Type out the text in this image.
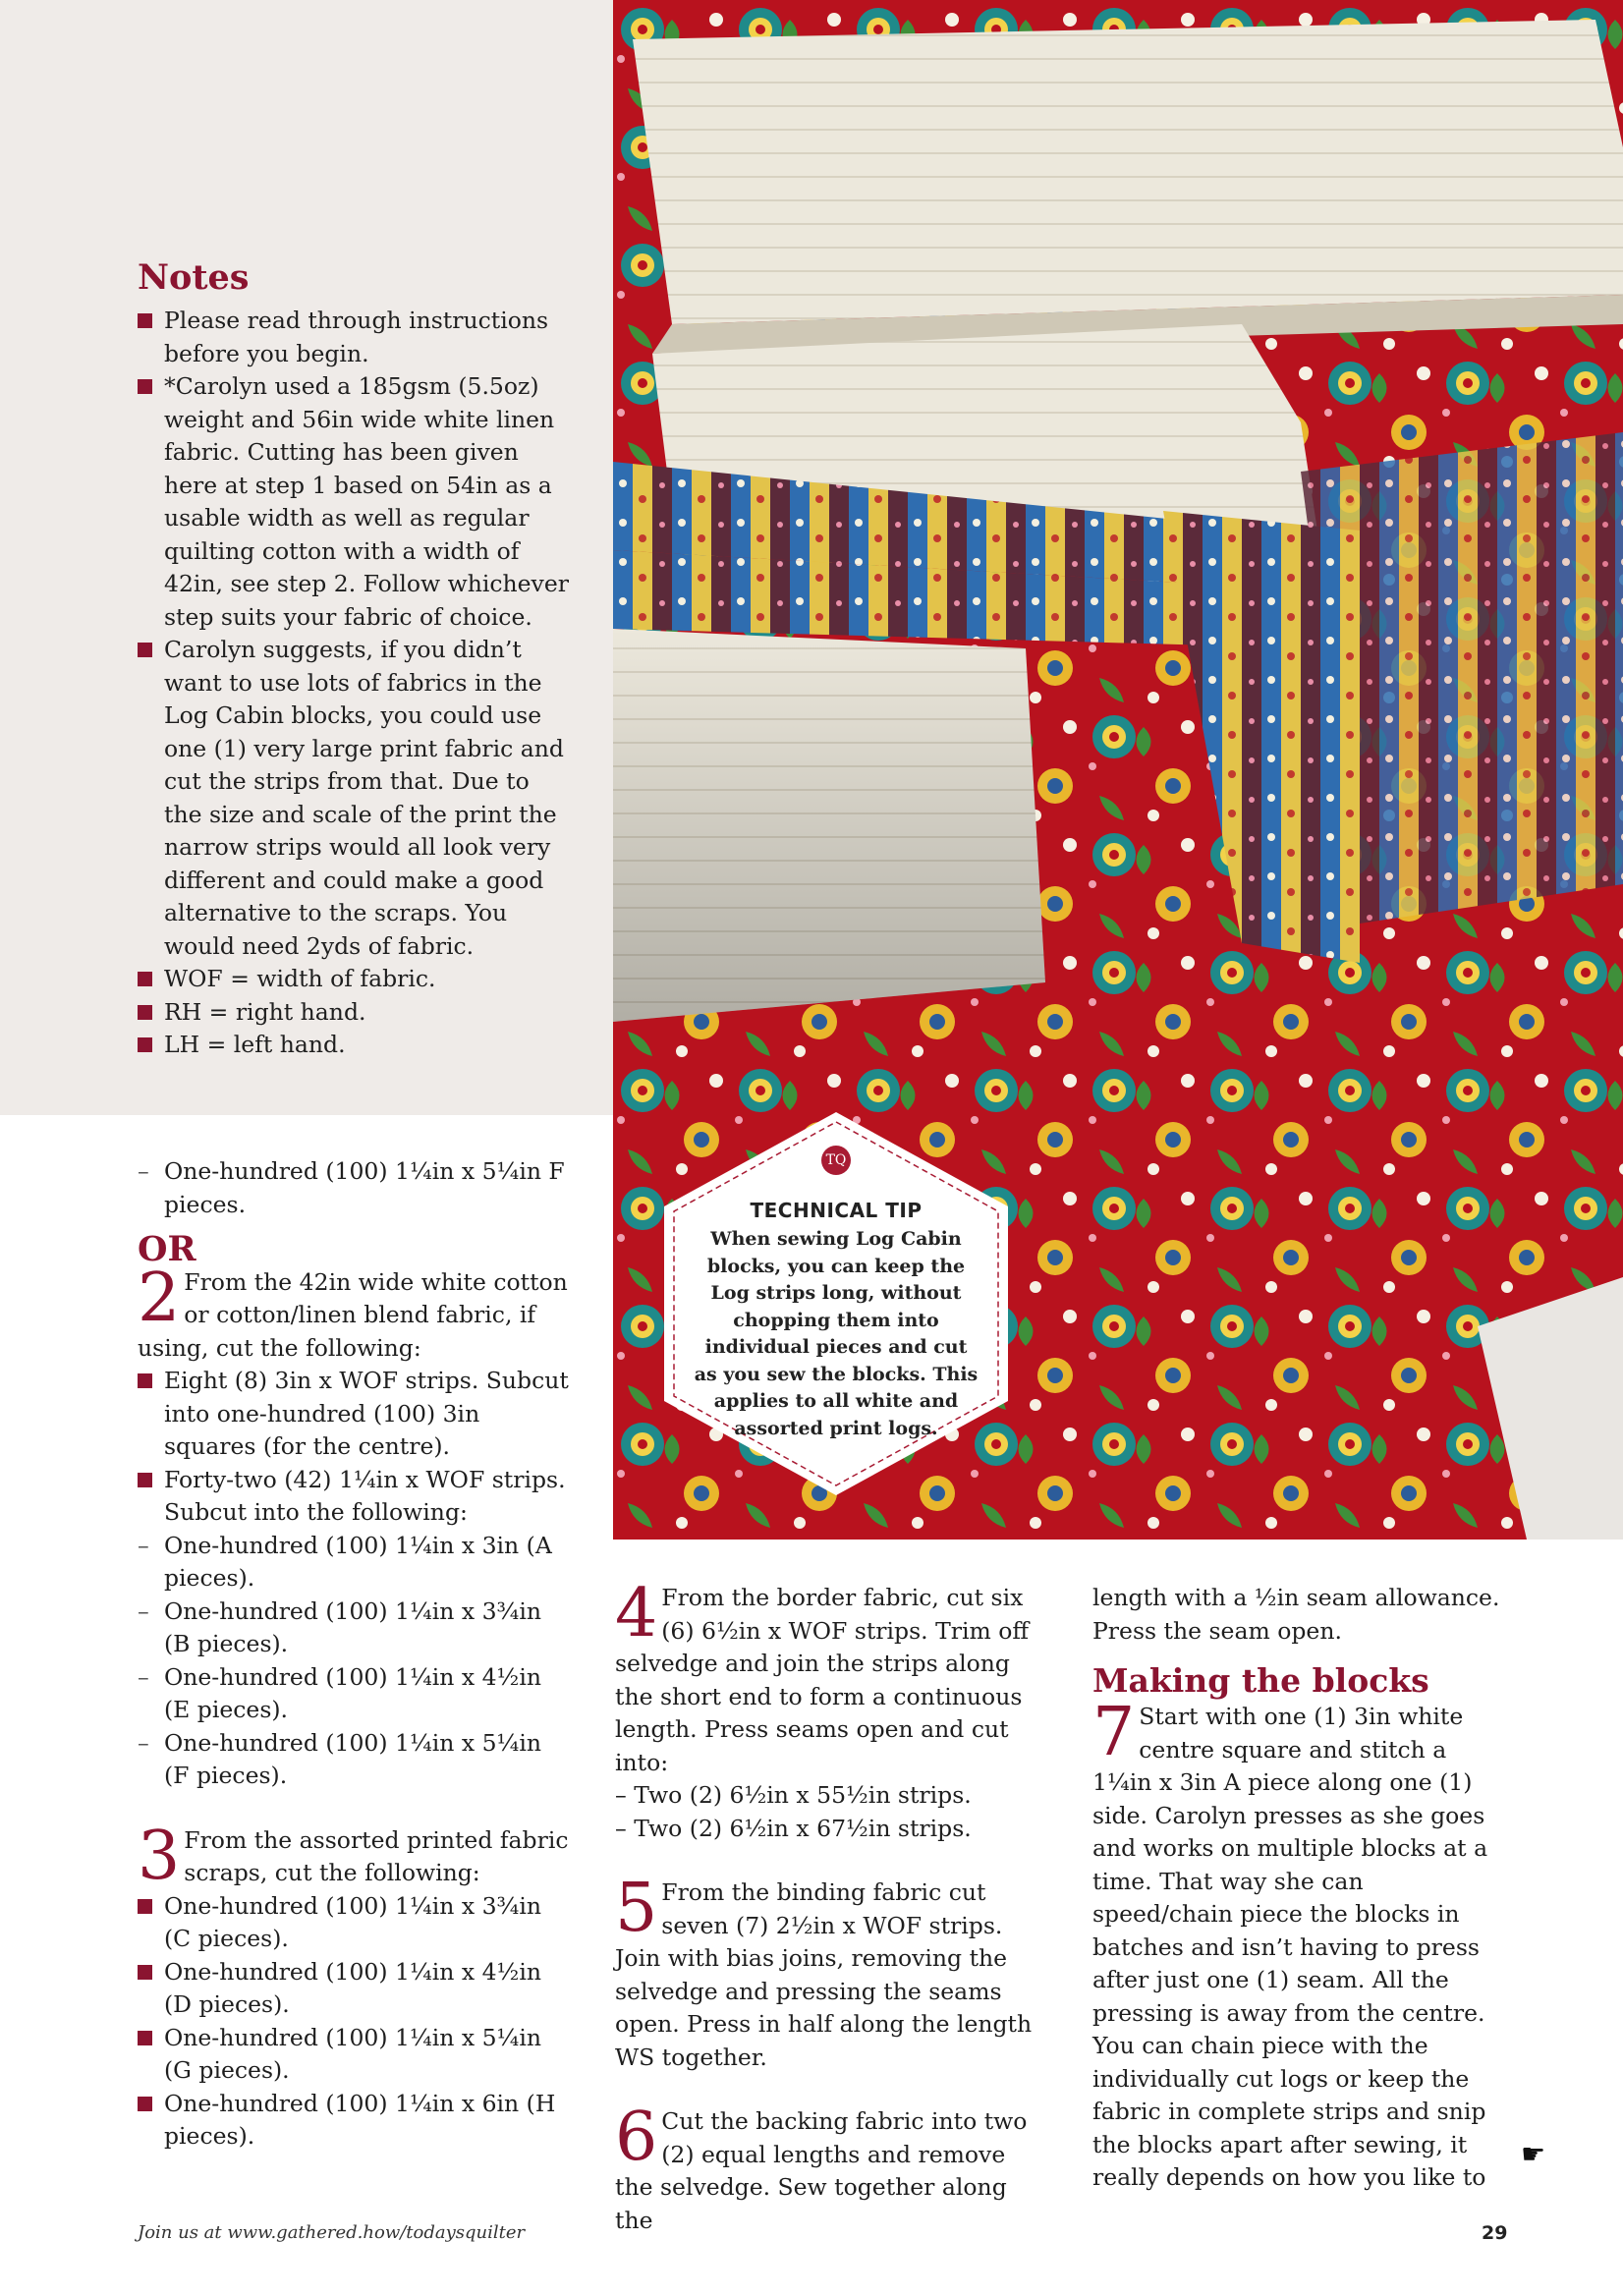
Notes
Please read through instructions before you begin.
*Carolyn used a 185gsm (5.5oz) weight and 56in wide white linen fabric. Cutting has been given here at step 1 based on 54in as a usable width as well as regular quilting cotton with a width of 42in, see step 2. Follow whichever step suits your fabric of choice.
Carolyn suggests, if you didn’t want to use lots of fabrics in the Log Cabin blocks, you could use one (1) very large print fabric and cut the strips from that. Due to the size and scale of the print the narrow strips would all look very different and could make a good alternative to the scraps. You would need 2yds of fabric.
WOF = width of fabric.
RH = right hand.
LH = left hand.
TQ
TECHNICAL TIP
When sewing Log Cabin blocks, you can keep the Log strips long, without chopping them into individual pieces and cut as you sew the blocks. This applies to all white and assorted print logs.
– One-hundred (100) 1¼in x 5¼in F pieces.
OR
2 From the 42in wide white cotton or cotton/linen blend fabric, if using, cut the following:
Eight (8) 3in x WOF strips. Subcut into one-hundred (100) 3in squares (for the centre).
Forty-two (42) 1¼in x WOF strips. Subcut into the following:
– One-hundred (100) 1¼in x 3in (A pieces).
– One-hundred (100) 1¼in x 3¾in (B pieces).
– One-hundred (100) 1¼in x 4½in (E pieces).
– One-hundred (100) 1¼in x 5¼in (F pieces).
3 From the assorted printed fabric scraps, cut the following:
One-hundred (100) 1¼in x 3¾in (C pieces).
One-hundred (100) 1¼in x 4½in (D pieces).
One-hundred (100) 1¼in x 5¼in (G pieces).
One-hundred (100) 1¼in x 6in (H pieces).
4 From the border fabric, cut six (6) 6½in x WOF strips. Trim off selvedge and join the strips along the short end to form a continuous length. Press seams open and cut into:
– Two (2) 6½in x 55½in strips.
– Two (2) 6½in x 67½in strips.
5 From the binding fabric cut seven (7) 2½in x WOF strips. Join with bias joins, removing the selvedge and pressing the seams open. Press in half along the length WS together.
6 Cut the backing fabric into two (2) equal lengths and remove the selvedge. Sew together along the
length with a ½in seam allowance. Press the seam open.
Making the blocks
7 Start with one (1) 3in white centre square and stitch a 1¼in x 3in A piece along one (1) side. Carolyn presses as she goes and works on multiple blocks at a time. That way she can speed/chain piece the blocks in batches and isn’t having to press after just one (1) seam. All the pressing is away from the centre. You can chain piece with the individually cut logs or keep the fabric in complete strips and snip the blocks apart after sewing, it really depends on how you like to
☛
Join us at www.gathered.how/todaysquilter	29
